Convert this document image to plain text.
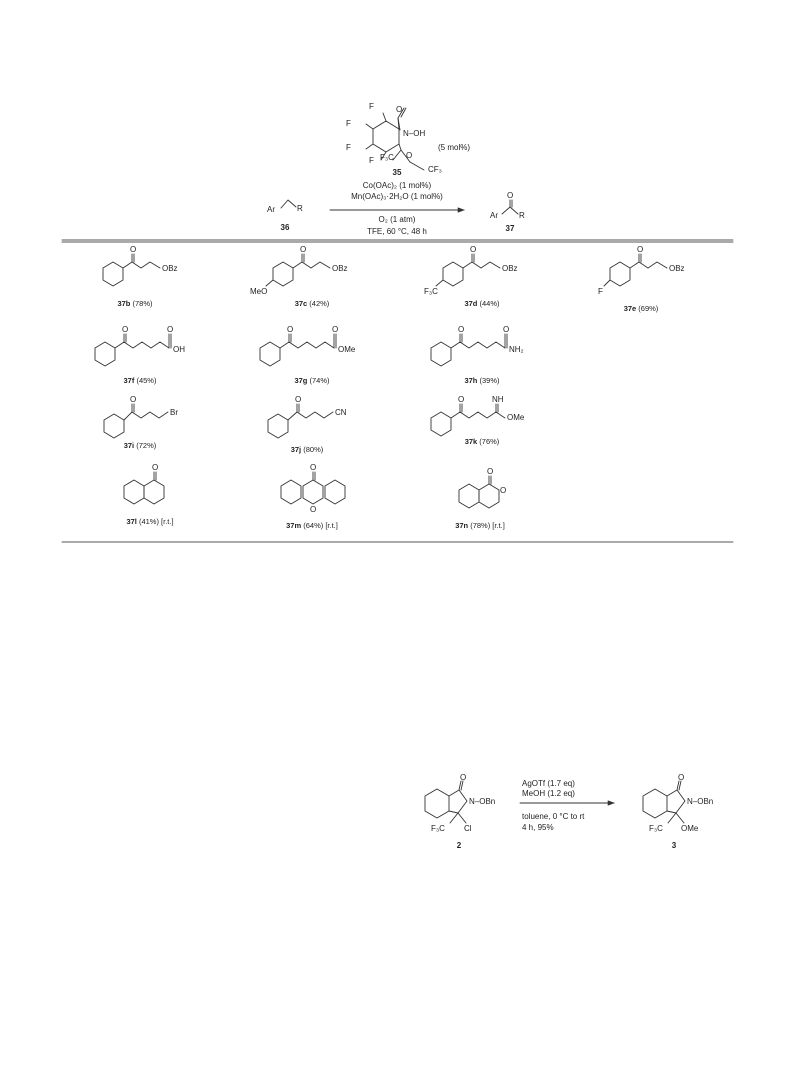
O
N–OH
F
F
F
F F₃C O
CF₃
(5 mol%)
35
Co(OAc)₂ (1 mol%)
Mn(OAc)₃·2H₂O (1 mol%)
O₂ (1 atm)
TFE, 60 °C, 48 h
Ar	R
36
Ar
O
R
37
O
OBz
37b (78%)
O
OBz
MeO
37c (42%)
O
OBz
F₃C
37d (44%)
O
OBz
F
37e (69%)
O	O
OH
37f (45%)
O	O
OMe
37g (74%)
O	O
NH₂
37h (39%)
O
Br
37i (72%)
O
CN
37j (80%)
O	NH
OMe
37k (76%)
O
37l (41%) [r.t.]
O
O
37m (64%) [r.t.]
O
O
37n (78%) [r.t.]
O
N–OBn
F₃C Cl
2
AgOTf (1.7 eq)
MeOH (1.2 eq)
toluene, 0 °C to rt
4 h, 95%
O
N–OBn
F₃C OMe
3
